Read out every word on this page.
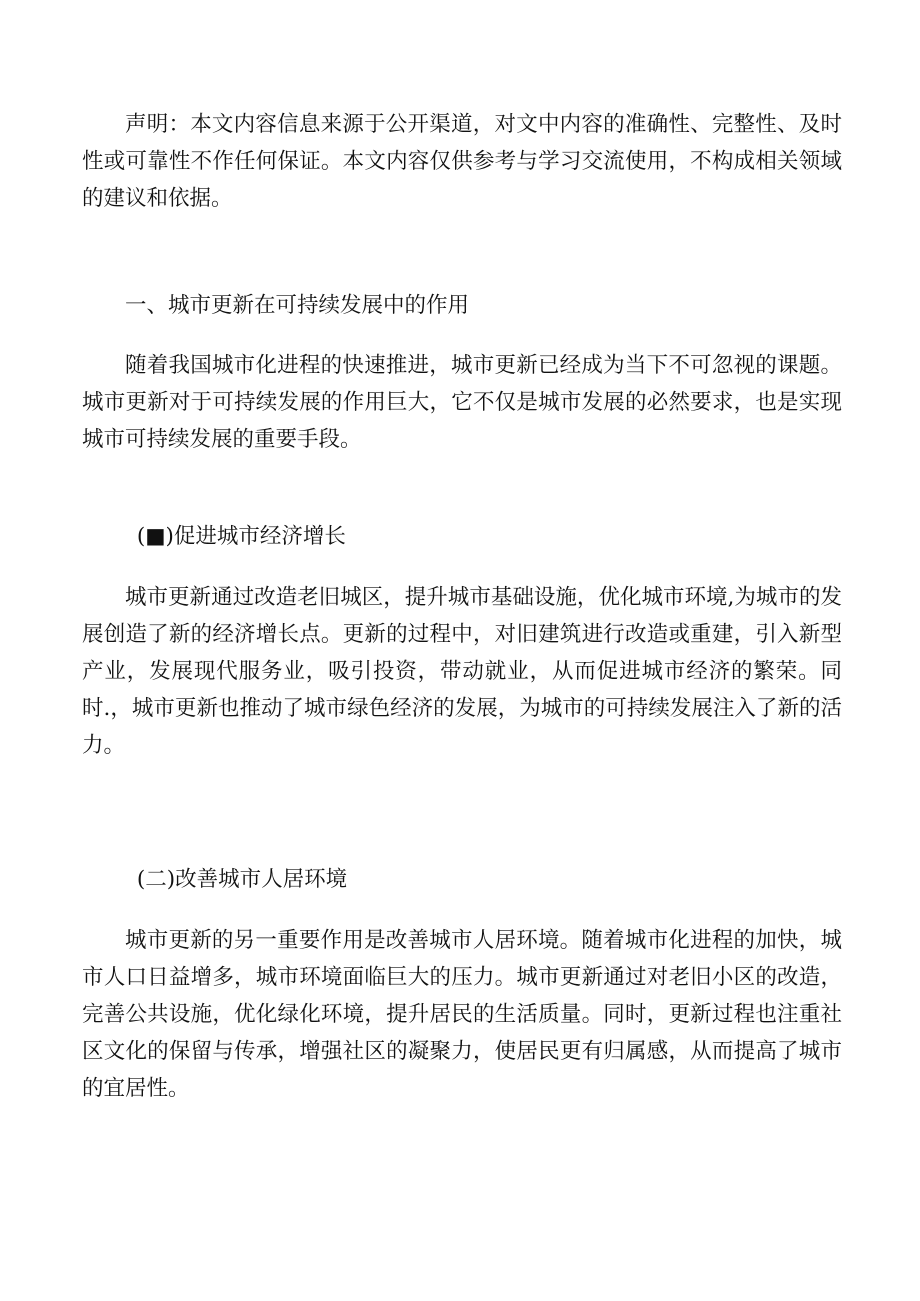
声明：本文内容信息来源于公开渠道，对文中内容的准确性、完整性、及时性或可靠性不作任何保证。本文内容仅供参考与学习交流使用，不构成相关领域的建议和依据。

一、城市更新在可持续发展中的作用

随着我国城市化进程的快速推进，城市更新已经成为当下不可忽视的课题。城市更新对于可持续发展的作用巨大，它不仅是城市发展的必然要求，也是实现城市可持续发展的重要手段。

(■)促进城市经济增长

城市更新通过改造老旧城区，提升城市基础设施，优化城市环境,为城市的发展创造了新的经济增长点。更新的过程中，对旧建筑进行改造或重建，引入新型产业，发展现代服务业，吸引投资，带动就业，从而促进城市经济的繁荣。同时.，城市更新也推动了城市绿色经济的发展，为城市的可持续发展注入了新的活力。

(二)改善城市人居环境

城市更新的另一重要作用是改善城市人居环境。随着城市化进程的加快，城市人口日益增多，城市环境面临巨大的压力。城市更新通过对老旧小区的改造，完善公共设施，优化绿化环境，提升居民的生活质量。同时，更新过程也注重社区文化的保留与传承，增强社区的凝聚力，使居民更有归属感，从而提高了城市的宜居性。
